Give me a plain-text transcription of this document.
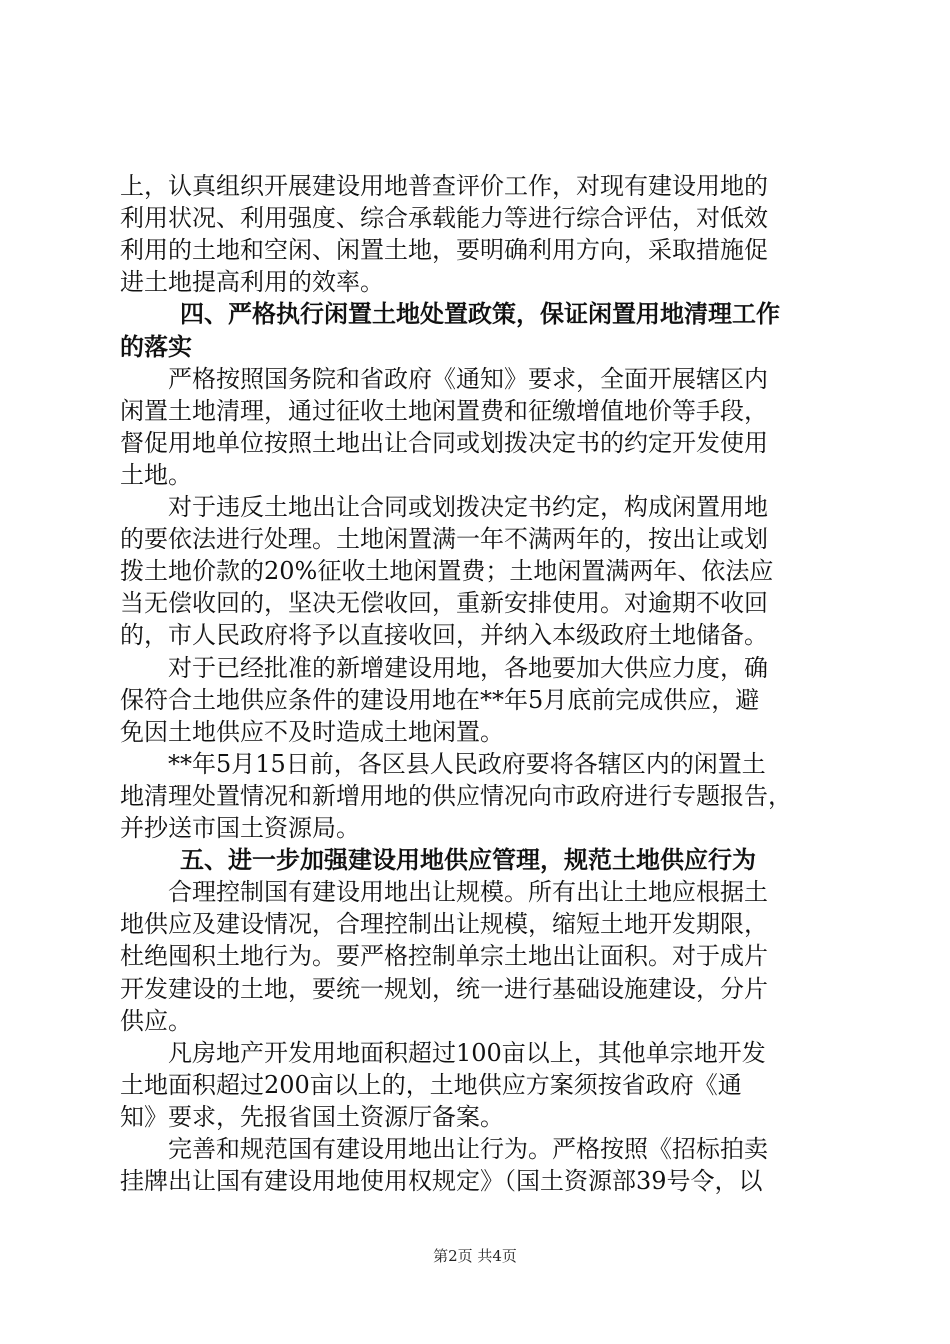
上，认真组织开展建设用地普查评价工作，对现有建设用地的
利用状况、利用强度、综合承载能力等进行综合评估，对低效
利用的土地和空闲、闲置土地，要明确利用方向，采取措施促
进土地提高利用的效率。
四、严格执行闲置土地处置政策，保证闲置用地清理工作
的落实
严格按照国务院和省政府《通知》要求，全面开展辖区内
闲置土地清理，通过征收土地闲置费和征缴增值地价等手段，
督促用地单位按照土地出让合同或划拨决定书的约定开发使用
土地。
对于违反土地出让合同或划拨决定书约定，构成闲置用地
的要依法进行处理。土地闲置满一年不满两年的，按出让或划
拨土地价款的20%征收土地闲置费；土地闲置满两年、依法应
当无偿收回的，坚决无偿收回，重新安排使用。对逾期不收回
的，市人民政府将予以直接收回，并纳入本级政府土地储备。
对于已经批准的新增建设用地，各地要加大供应力度，确
保符合土地供应条件的建设用地在**年5月底前完成供应，避
免因土地供应不及时造成土地闲置。
**年5月15日前，各区县人民政府要将各辖区内的闲置土
地清理处置情况和新增用地的供应情况向市政府进行专题报告，
并抄送市国土资源局。
五、进一步加强建设用地供应管理，规范土地供应行为
合理控制国有建设用地出让规模。所有出让土地应根据土
地供应及建设情况，合理控制出让规模，缩短土地开发期限，
杜绝囤积土地行为。要严格控制单宗土地出让面积。对于成片
开发建设的土地，要统一规划，统一进行基础设施建设，分片
供应。
凡房地产开发用地面积超过100亩以上，其他单宗地开发
土地面积超过200亩以上的，土地供应方案须按省政府《通
知》要求，先报省国土资源厅备案。
完善和规范国有建设用地出让行为。严格按照《招标拍卖
挂牌出让国有建设用地使用权规定》（国土资源部39号令，以
第2页 共4页
